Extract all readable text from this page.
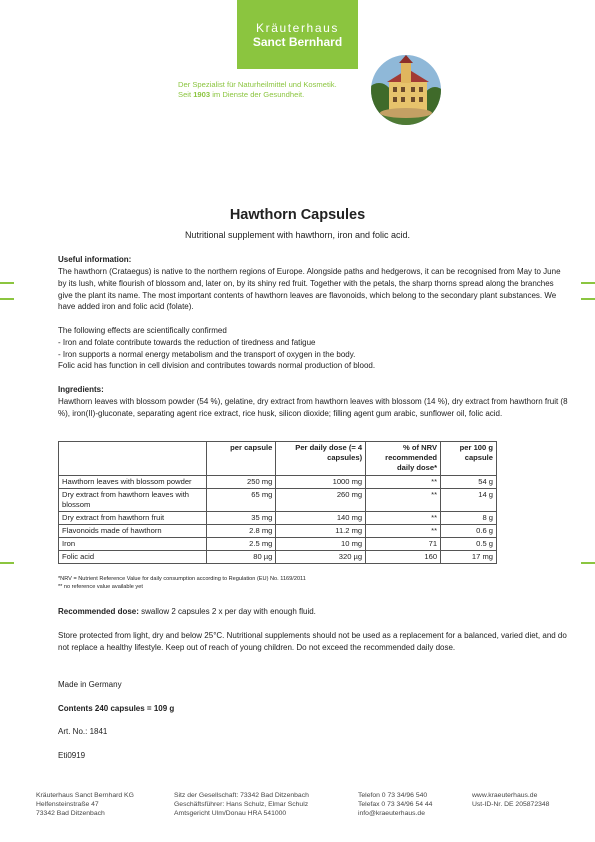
Kräuterhaus
Sanct Bernhard
Der Spezialist für Naturheilmittel und Kosmetik.
Seit 1903 im Dienste der Gesundheit.
Hawthorn Capsules
Nutritional supplement with hawthorn, iron and folic acid.
Useful information:
The hawthorn (Crataegus) is native to the northern regions of Europe. Alongside paths and hedgerows, it can be recognised from May to June by its lush, white flourish of blossom and, later on, by its shiny red fruit. Together with the petals, the sharp thorns spread along the branches give the plant its name. The most important contents of hawthorn leaves are flavonoids, which belong to the secondary plant substances. We have added iron and folic acid (folate).
The following effects are scientifically confirmed
- Iron and folate contribute towards the reduction of tiredness and fatigue
- Iron supports a normal energy metabolism and the transport of oxygen in the body.
Folic acid has function in cell division and contributes towards normal production of blood.
Ingredients:
Hawthorn leaves with blossom powder (54 %), gelatine, dry extract from hawthorn leaves with blossom (14 %), dry extract from hawthorn fruit (8 %), iron(II)-gluconate, separating agent rice extract, rice husk, silicon dioxide; filling agent gum arabic, sunflower oil, folic acid.
	per capsule	Per daily dose (= 4 capsules)	% of NRV recommended daily dose*	per 100 g capsule
Hawthorn leaves with blossom powder	250 mg	1000 mg	**	54 g
Dry extract from hawthorn leaves with blossom	65 mg	260 mg	**	14 g
Dry extract from hawthorn fruit	35 mg	140 mg	**	8 g
Flavonoids made of hawthorn	2.8 mg	11.2 mg	**	0.6 g
Iron	2.5 mg	10 mg	71	0.5 g
Folic acid	80 µg	320 µg	160	17 mg
*NRV = Nutrient Reference Value for daily consumption according to Regulation (EU) No. 1169/2011
** no reference value available yet
Recommended dose: swallow 2 capsules 2 x per day with enough fluid.
Store protected from light, dry and below 25°C. Nutritional supplements should not be used as a replacement for a balanced, varied diet, and do not replace a healthy lifestyle. Keep out of reach of young children. Do not exceed the recommended daily dose.
Made in Germany
Contents 240 capsules = 109 g
Art. No.: 1841
Eti0919
Kräuterhaus Sanct Bernhard KG
Helfensteinstraße 47
73342 Bad Ditzenbach
Sitz der Gesellschaft: 73342 Bad Ditzenbach
Geschäftsführer: Hans Schulz, Elmar Schulz
Amtsgericht Ulm/Donau HRA 541000
Telefon 0 73 34/96 540
Telefax 0 73 34/96 54 44
info@kraeuterhaus.de
www.kraeuterhaus.de
Ust-ID-Nr. DE 205872348
